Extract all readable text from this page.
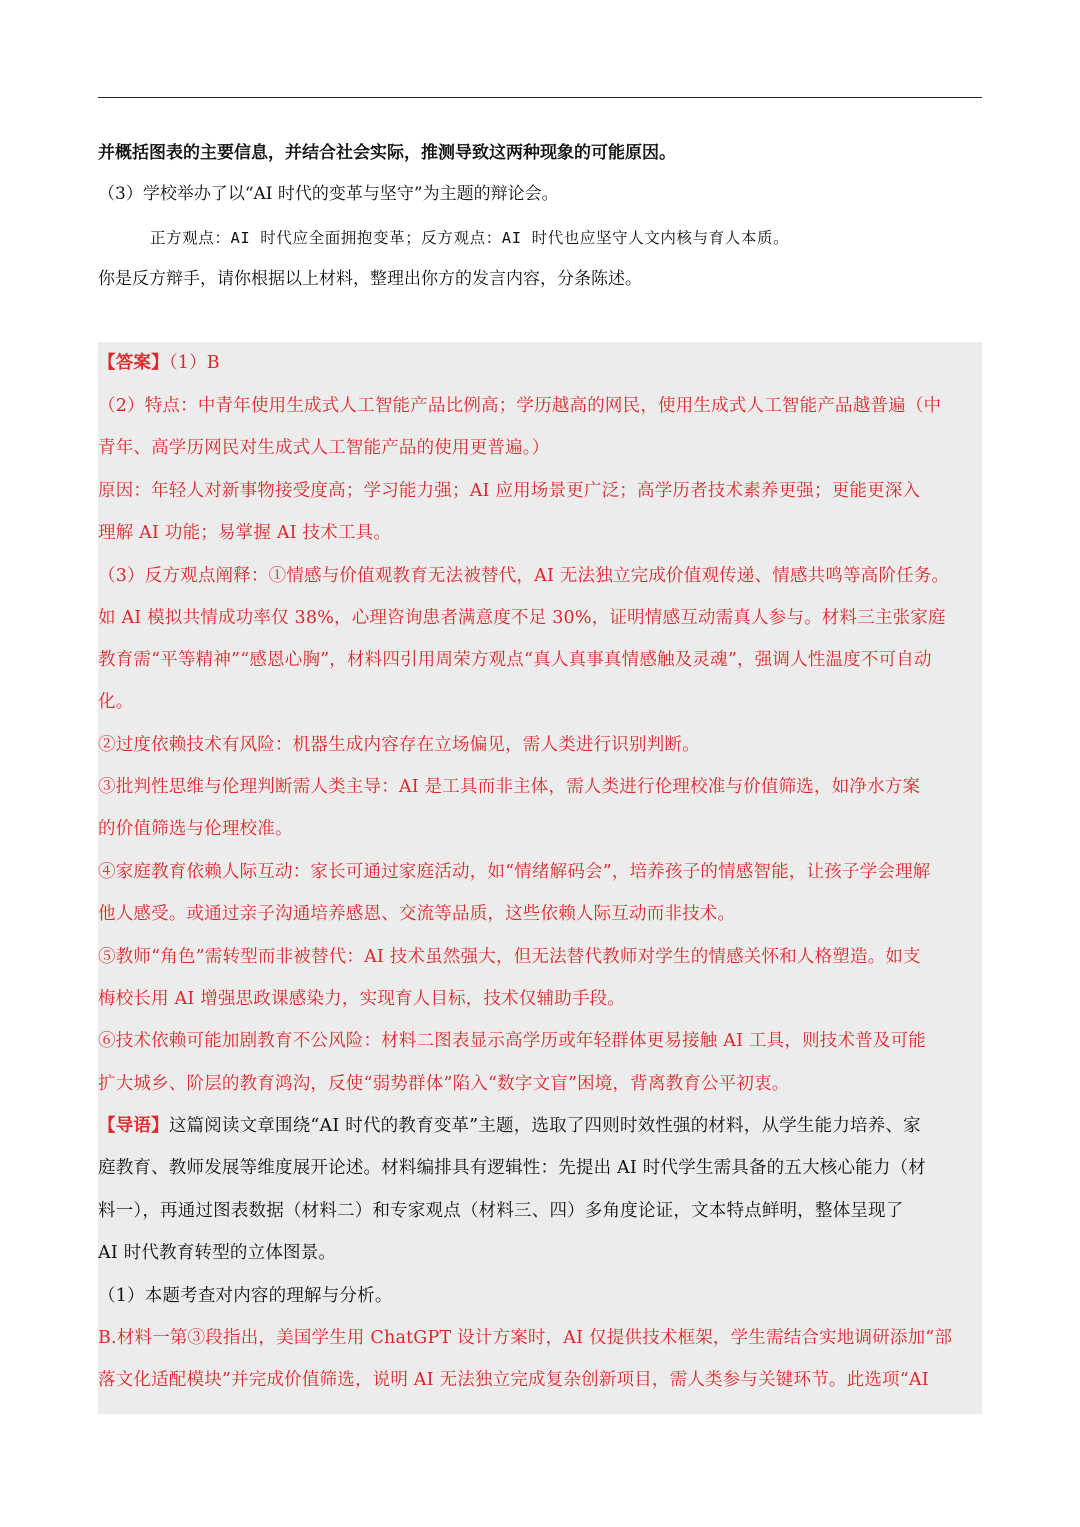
并概括图表的主要信息，并结合社会实际，推测导致这两种现象的可能原因。
（3）学校举办了以“AI 时代的变革与坚守”为主题的辩论会。
正方观点：AI 时代应全面拥抱变革；反方观点：AI 时代也应坚守人文内核与育人本质。
你是反方辩手，请你根据以上材料，整理出你方的发言内容，分条陈述。
【答案】（1）B
（2）特点：中青年使用生成式人工智能产品比例高；学历越高的网民，使用生成式人工智能产品越普遍（中
青年、高学历网民对生成式人工智能产品的使用更普遍。）
原因：年轻人对新事物接受度高；学习能力强；AI 应用场景更广泛；高学历者技术素养更强；更能更深入
理解 AI 功能；易掌握 AI 技术工具。
（3）反方观点阐释：①情感与价值观教育无法被替代，AI 无法独立完成价值观传递、情感共鸣等高阶任务。
如 AI 模拟共情成功率仅 38%，心理咨询患者满意度不足 30%，证明情感互动需真人参与。材料三主张家庭
教育需“平等精神”“感恩心胸”，材料四引用周荣方观点“真人真事真情感触及灵魂”，强调人性温度不可自动
化。
②过度依赖技术有风险：机器生成内容存在立场偏见，需人类进行识别判断。
③批判性思维与伦理判断需人类主导：AI 是工具而非主体，需人类进行伦理校准与价值筛选，如净水方案
的价值筛选与伦理校准。
④家庭教育依赖人际互动：家长可通过家庭活动，如“情绪解码会”，培养孩子的情感智能，让孩子学会理解
他人感受。或通过亲子沟通培养感恩、交流等品质，这些依赖人际互动而非技术。
⑤教师“角色”需转型而非被替代：AI 技术虽然强大，但无法替代教师对学生的情感关怀和人格塑造。如支
梅校长用 AI 增强思政课感染力，实现育人目标，技术仅辅助手段。
⑥技术依赖可能加剧教育不公风险：材料二图表显示高学历或年轻群体更易接触 AI 工具，则技术普及可能
扩大城乡、阶层的教育鸿沟，反使“弱势群体”陷入“数字文盲”困境，背离教育公平初衷。
【导语】这篇阅读文章围绕“AI 时代的教育变革”主题，选取了四则时效性强的材料，从学生能力培养、家
庭教育、教师发展等维度展开论述。材料编排具有逻辑性：先提出 AI 时代学生需具备的五大核心能力（材
料一），再通过图表数据（材料二）和专家观点（材料三、四）多角度论证，文本特点鲜明，整体呈现了
AI 时代教育转型的立体图景。
（1）本题考查对内容的理解与分析。
B.材料一第③段指出，美国学生用 ChatGPT 设计方案时，AI 仅提供技术框架，学生需结合实地调研添加“部
落文化适配模块”并完成价值筛选，说明 AI 无法独立完成复杂创新项目，需人类参与关键环节。此选项“AI
